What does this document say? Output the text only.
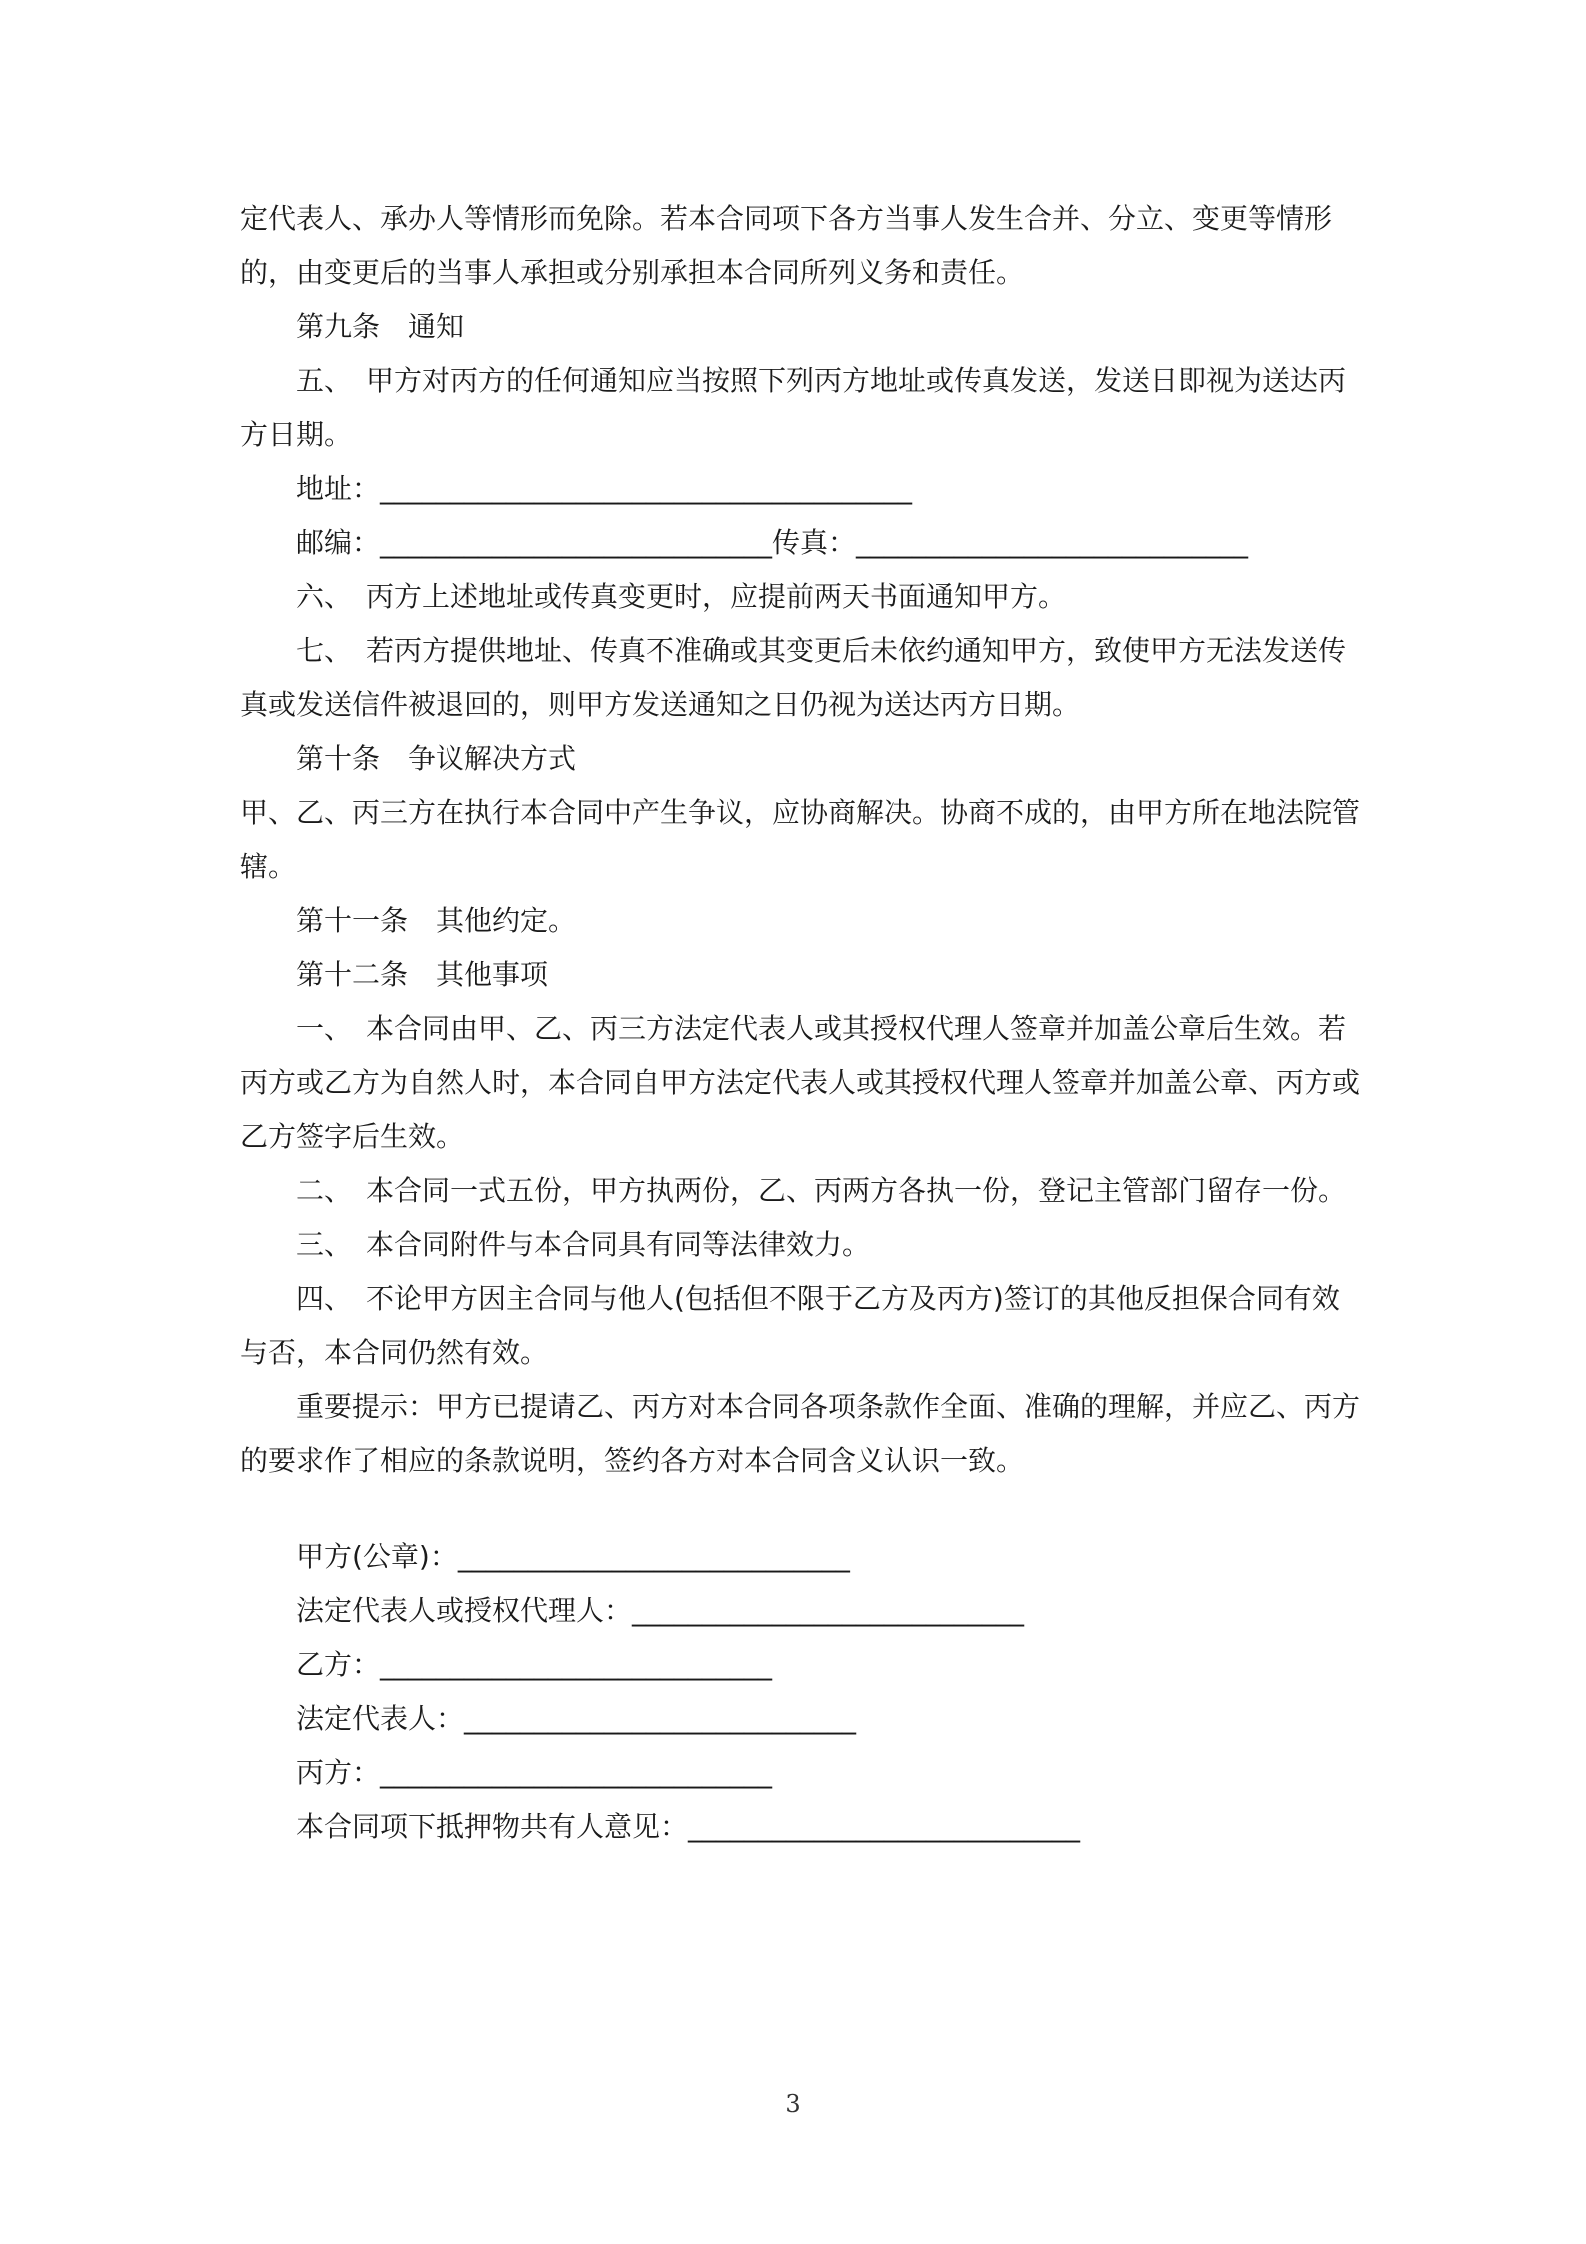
定代表人、承办人等情形而免除。若本合同项下各方当事人发生合并、分立、变更等情形的，由变更后的当事人承担或分别承担本合同所列义务和责任。

第九条　通知

五、　甲方对丙方的任何通知应当按照下列丙方地址或传真发送，发送日即视为送达丙方日期。

地址：______________________________________
邮编：____________________________传真：____________________________

六、　丙方上述地址或传真变更时，应提前两天书面通知甲方。

七、　若丙方提供地址、传真不准确或其变更后未依约通知甲方，致使甲方无法发送传真或发送信件被退回的，则甲方发送通知之日仍视为送达丙方日期。

第十条　争议解决方式

甲、乙、丙三方在执行本合同中产生争议，应协商解决。协商不成的，由甲方所在地法院管辖。

第十一条　其他约定。

第十二条　其他事项

一、　本合同由甲、乙、丙三方法定代表人或其授权代理人签章并加盖公章后生效。若丙方或乙方为自然人时，本合同自甲方法定代表人或其授权代理人签章并加盖公章、丙方或乙方签字后生效。

二、　本合同一式五份，甲方执两份，乙、丙两方各执一份，登记主管部门留存一份。

三、　本合同附件与本合同具有同等法律效力。

四、　不论甲方因主合同与他人(包括但不限于乙方及丙方)签订的其他反担保合同有效与否，本合同仍然有效。

重要提示：甲方已提请乙、丙方对本合同各项条款作全面、准确的理解，并应乙、丙方的要求作了相应的条款说明，签约各方对本合同含义认识一致。

甲方(公章)：____________________________
法定代表人或授权代理人：____________________________
乙方：____________________________
法定代表人：____________________________
丙方：____________________________
本合同项下抵押物共有人意见：____________________________
3
